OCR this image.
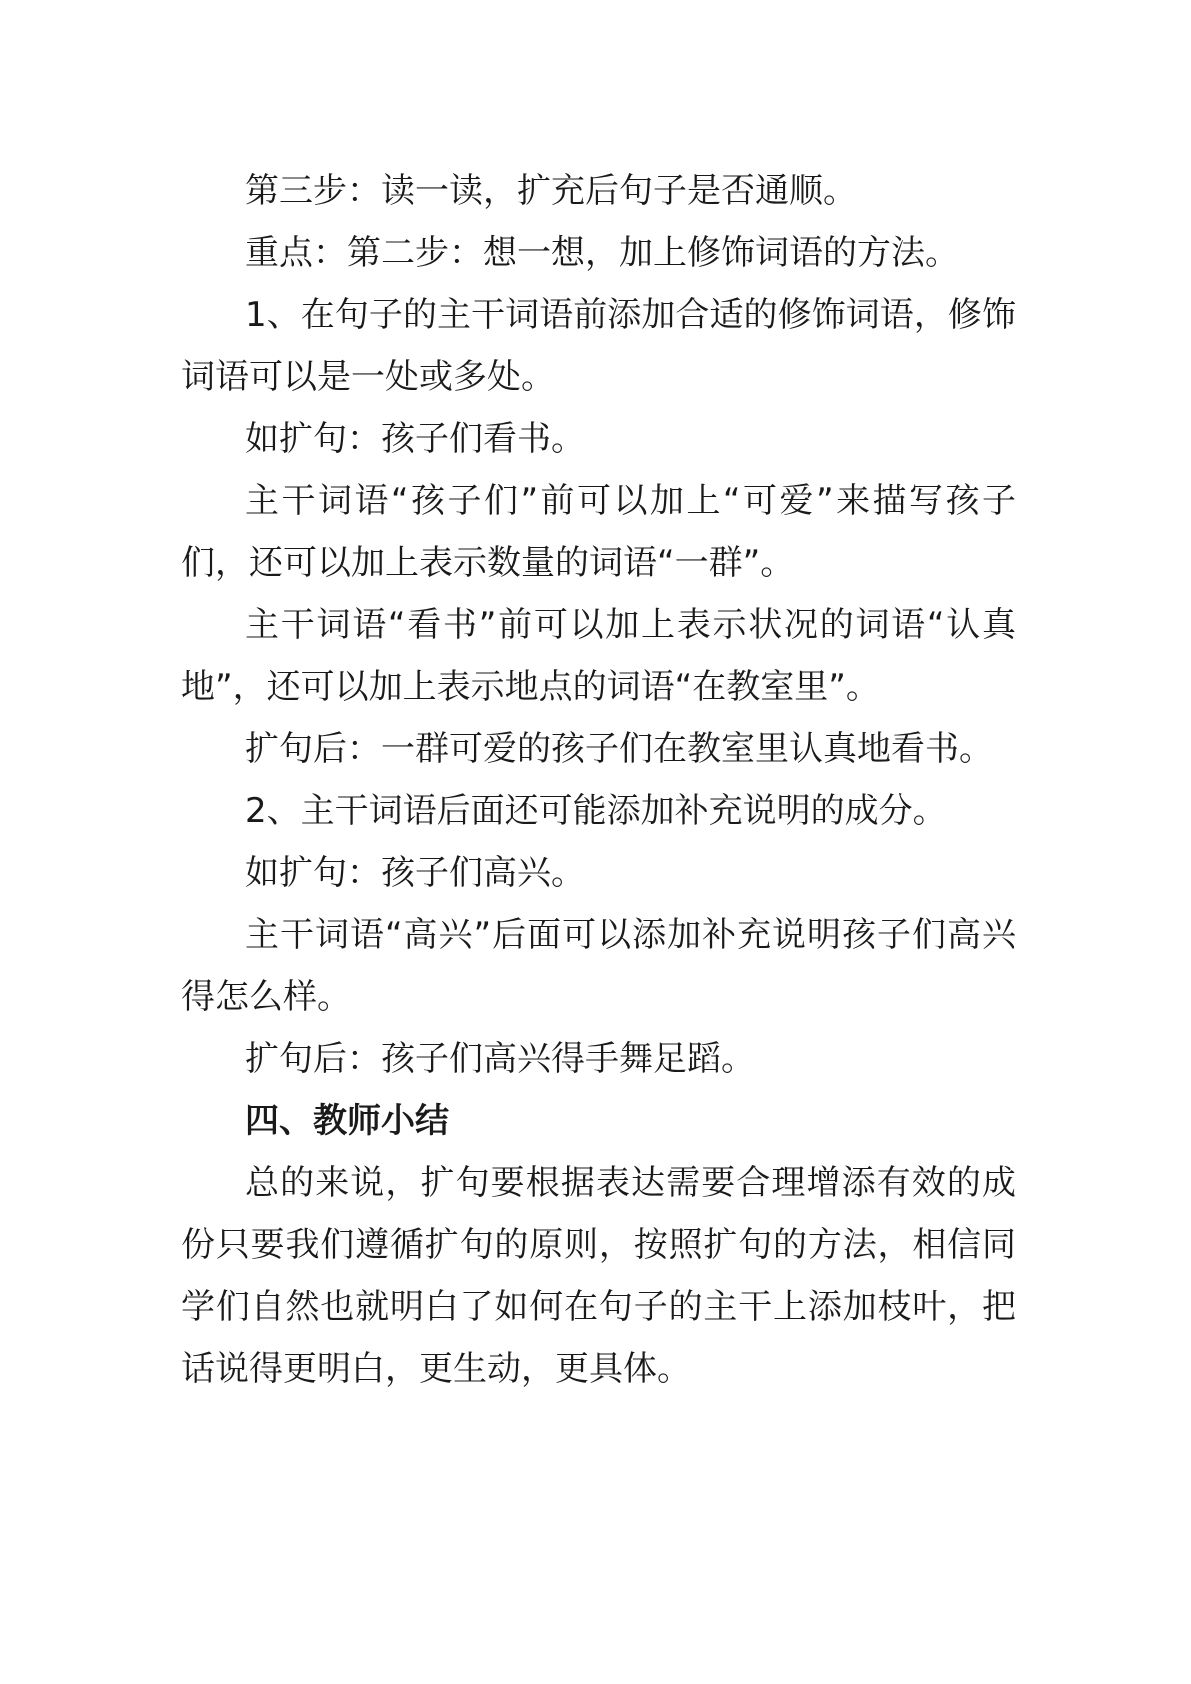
第三步：读一读，扩充后句子是否通顺。

重点：第二步：想一想，加上修饰词语的方法。

1、在句子的主干词语前添加合适的修饰词语，修饰词语可以是一处或多处。

如扩句：孩子们看书。

主干词语“孩子们”前可以加上“可爱”来描写孩子们，还可以加上表示数量的词语“一群”。

主干词语“看书”前可以加上表示状况的词语“认真地”，还可以加上表示地点的词语“在教室里”。

扩句后：一群可爱的孩子们在教室里认真地看书。

2、主干词语后面还可能添加补充说明的成分。

如扩句：孩子们高兴。

主干词语“高兴”后面可以添加补充说明孩子们高兴得怎么样。

扩句后：孩子们高兴得手舞足蹈。

四、教师小结

总的来说，扩句要根据表达需要合理增添有效的成份只要我们遵循扩句的原则，按照扩句的方法，相信同学们自然也就明白了如何在句子的主干上添加枝叶，把话说得更明白，更生动，更具体。
